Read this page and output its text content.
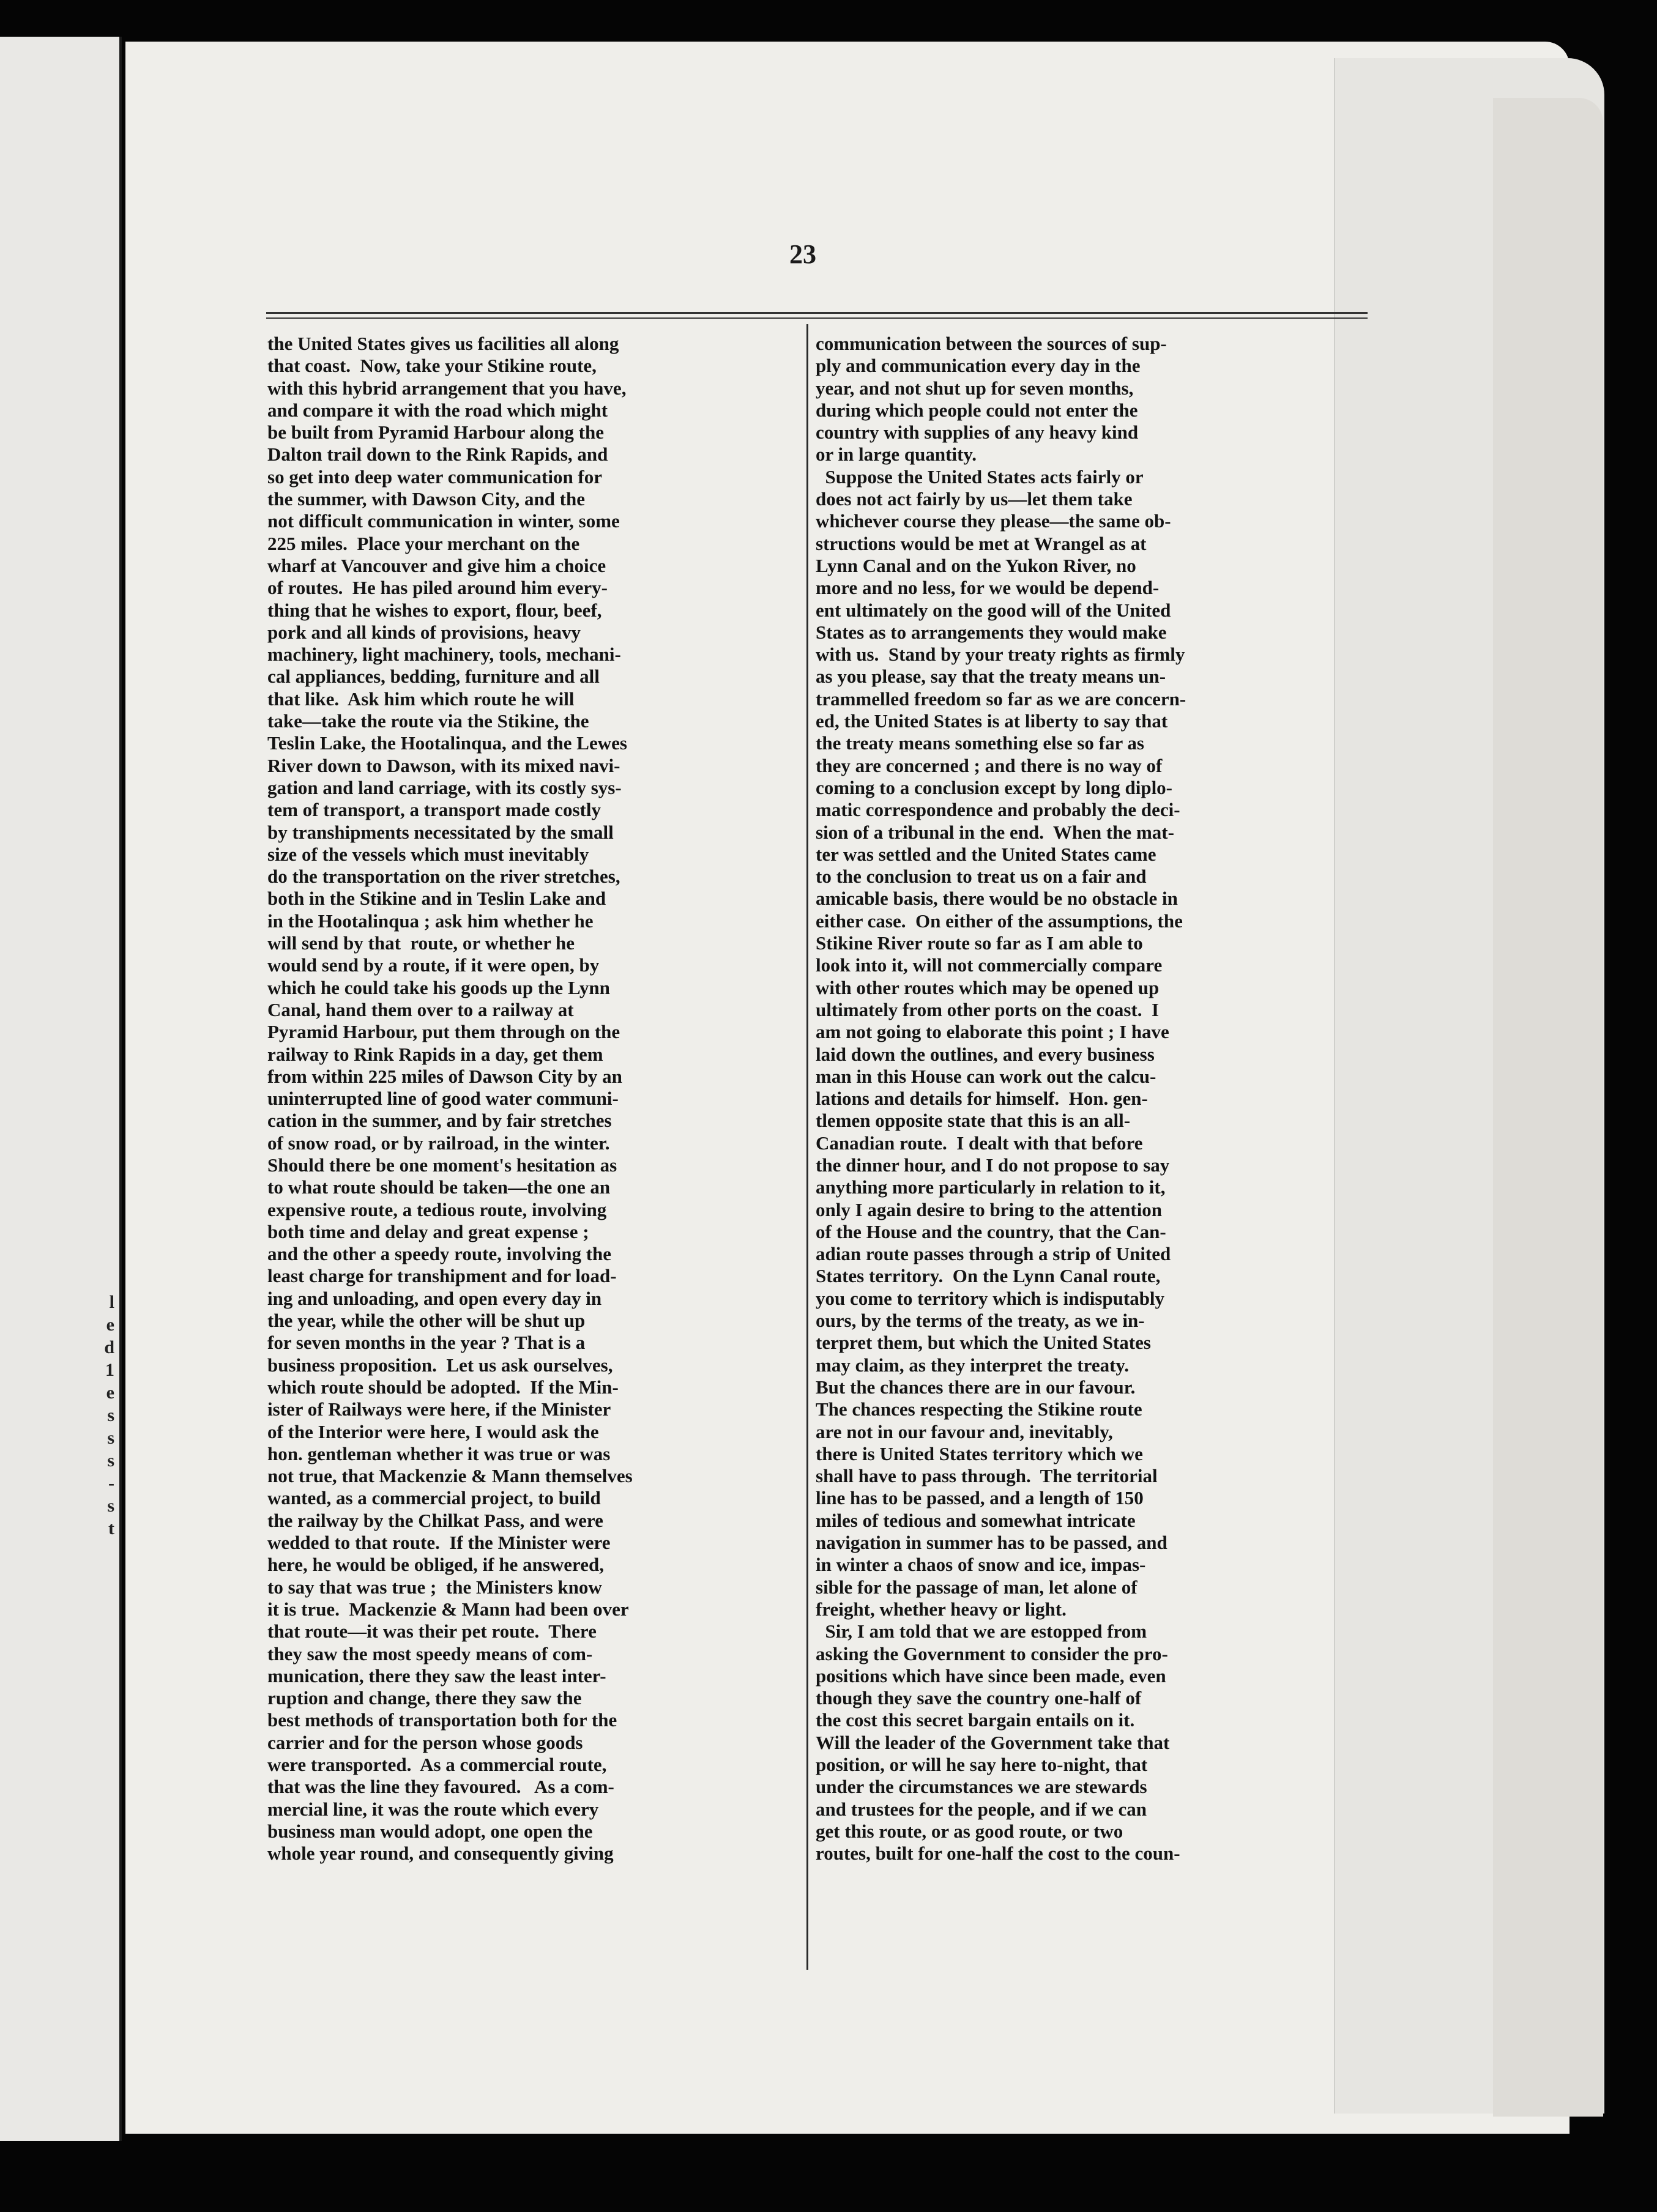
l
e
d
1
e
s
s
s
-
s
t
23
the United States gives us facilities all along
that coast.  Now, take your Stikine route,
with this hybrid arrangement that you have,
and compare it with the road which might
be built from Pyramid Harbour along the
Dalton trail down to the Rink Rapids, and
so get into deep water communication for
the summer, with Dawson City, and the
not difficult communication in winter, some
225 miles.  Place your merchant on the
wharf at Vancouver and give him a choice
of routes.  He has piled around him every-
thing that he wishes to export, flour, beef,
pork and all kinds of provisions, heavy
machinery, light machinery, tools, mechani-
cal appliances, bedding, furniture and all
that like.  Ask him which route he will
take—take the route via the Stikine, the
Teslin Lake, the Hootalinqua, and the Lewes
River down to Dawson, with its mixed navi-
gation and land carriage, with its costly sys-
tem of transport, a transport made costly
by transhipments necessitated by the small
size of the vessels which must inevitably
do the transportation on the river stretches,
both in the Stikine and in Teslin Lake and
in the Hootalinqua ; ask him whether he
will send by that  route, or whether he
would send by a route, if it were open, by
which he could take his goods up the Lynn
Canal, hand them over to a railway at
Pyramid Harbour, put them through on the
railway to Rink Rapids in a day, get them
from within 225 miles of Dawson City by an
uninterrupted line of good water communi-
cation in the summer, and by fair stretches
of snow road, or by railroad, in the winter.
Should there be one moment's hesitation as
to what route should be taken—the one an
expensive route, a tedious route, involving
both time and delay and great expense ;
and the other a speedy route, involving the
least charge for transhipment and for load-
ing and unloading, and open every day in
the year, while the other will be shut up
for seven months in the year ? That is a
business proposition.  Let us ask ourselves,
which route should be adopted.  If the Min-
ister of Railways were here, if the Minister
of the Interior were here, I would ask the
hon. gentleman whether it was true or was
not true, that Mackenzie & Mann themselves
wanted, as a commercial project, to build
the railway by the Chilkat Pass, and were
wedded to that route.  If the Minister were
here, he would be obliged, if he answered,
to say that was true ;  the Ministers know
it is true.  Mackenzie & Mann had been over
that route—it was their pet route.  There
they saw the most speedy means of com-
munication, there they saw the least inter-
ruption and change, there they saw the
best methods of transportation both for the
carrier and for the person whose goods
were transported.  As a commercial route,
that was the line they favoured.   As a com-
mercial line, it was the route which every
business man would adopt, one open the
whole year round, and consequently giving
communication between the sources of sup-
ply and communication every day in the
year, and not shut up for seven months,
during which people could not enter the
country with supplies of any heavy kind
or in large quantity.
Suppose the United States acts fairly or
does not act fairly by us—let them take
whichever course they please—the same ob-
structions would be met at Wrangel as at
Lynn Canal and on the Yukon River, no
more and no less, for we would be depend-
ent ultimately on the good will of the United
States as to arrangements they would make
with us.  Stand by your treaty rights as firmly
as you please, say that the treaty means un-
trammelled freedom so far as we are concern-
ed, the United States is at liberty to say that
the treaty means something else so far as
they are concerned ; and there is no way of
coming to a conclusion except by long diplo-
matic correspondence and probably the deci-
sion of a tribunal in the end.  When the mat-
ter was settled and the United States came
to the conclusion to treat us on a fair and
amicable basis, there would be no obstacle in
either case.  On either of the assumptions, the
Stikine River route so far as I am able to
look into it, will not commercially compare
with other routes which may be opened up
ultimately from other ports on the coast.  I
am not going to elaborate this point ; I have
laid down the outlines, and every business
man in this House can work out the calcu-
lations and details for himself.  Hon. gen-
tlemen opposite state that this is an all-
Canadian route.  I dealt with that before
the dinner hour, and I do not propose to say
anything more particularly in relation to it,
only I again desire to bring to the attention
of the House and the country, that the Can-
adian route passes through a strip of United
States territory.  On the Lynn Canal route,
you come to territory which is indisputably
ours, by the terms of the treaty, as we in-
terpret them, but which the United States
may claim, as they interpret the treaty.
But the chances there are in our favour.
The chances respecting the Stikine route
are not in our favour and, inevitably,
there is United States territory which we
shall have to pass through.  The territorial
line has to be passed, and a length of 150
miles of tedious and somewhat intricate
navigation in summer has to be passed, and
in winter a chaos of snow and ice, impas-
sible for the passage of man, let alone of
freight, whether heavy or light.
Sir, I am told that we are estopped from
asking the Government to consider the pro-
positions which have since been made, even
though they save the country one-half of
the cost this secret bargain entails on it.
Will the leader of the Government take that
position, or will he say here to-night, that
under the circumstances we are stewards
and trustees for the people, and if we can
get this route, or as good route, or two
routes, built for one-half the cost to the coun-
